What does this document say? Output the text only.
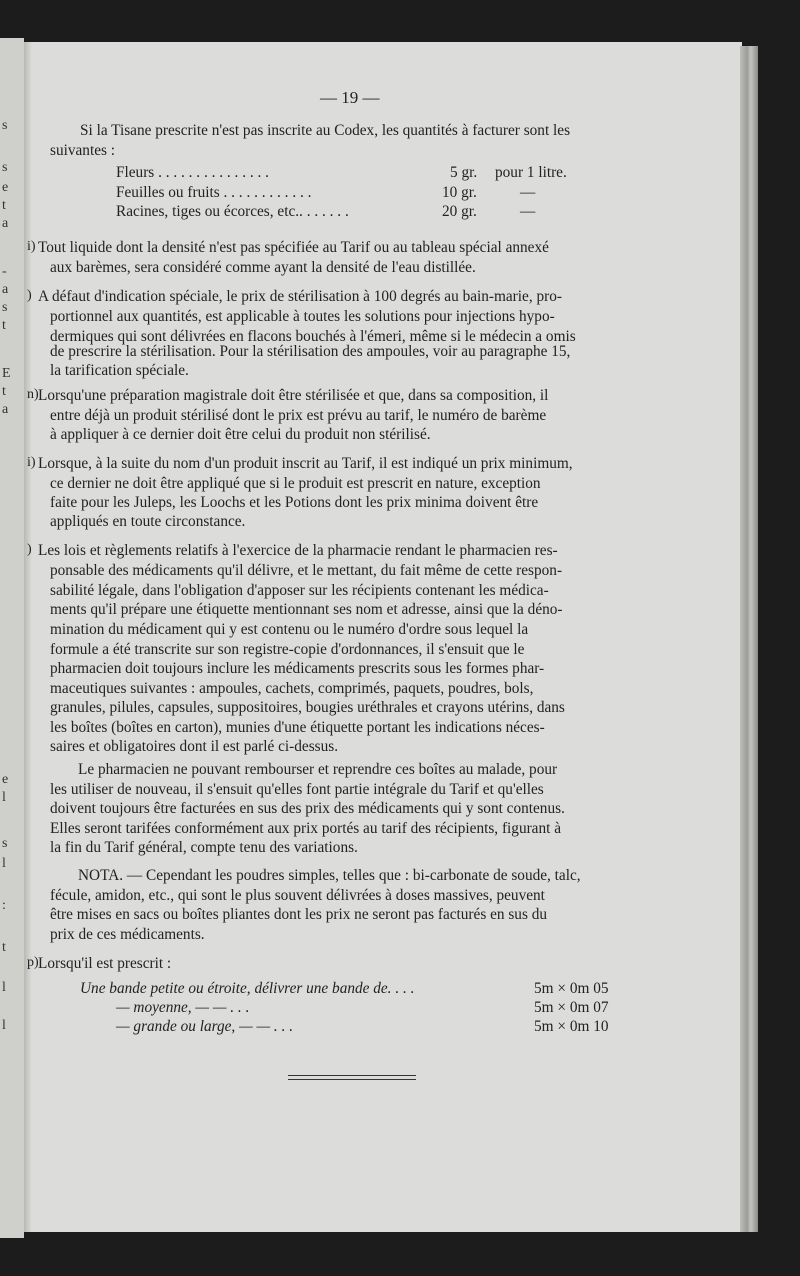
s
s
e
t
a
-
a
s
t
E
t
a
e
l
s
l
:
t
l
l
— 19 —
Si la Tisane prescrite n'est pas inscrite au Codex, les quantités à facturer sont les
suivantes :
Fleurs . . . . . . . . . . . . . . .	5 gr. pour 1 litre.
Feuilles ou fruits . . . . . . . . . . . .	10 gr.	—
Racines, tiges ou écorces, etc.. . . . . . .	20 gr.	—
i) Tout liquide dont la densité n'est pas spécifiée au Tarif ou au tableau spécial annexé
aux barèmes, sera considéré comme ayant la densité de l'eau distillée.
) A défaut d'indication spéciale, le prix de stérilisation à 100 degrés au bain-marie, pro-
portionnel aux quantités, est applicable à toutes les solutions pour injections hypo-
dermiques qui sont délivrées en flacons bouchés à l'émeri, même si le médecin a omis
de prescrire la stérilisation. Pour la stérilisation des ampoules, voir au paragraphe 15,
la tarification spéciale.
n) Lorsqu'une préparation magistrale doit être stérilisée et que, dans sa composition, il
entre déjà un produit stérilisé dont le prix est prévu au tarif, le numéro de barème
à appliquer à ce dernier doit être celui du produit non stérilisé.
i) Lorsque, à la suite du nom d'un produit inscrit au Tarif, il est indiqué un prix minimum,
ce dernier ne doit être appliqué que si le produit est prescrit en nature, exception
faite pour les Juleps, les Loochs et les Potions dont les prix minima doivent être
appliqués en toute circonstance.
) Les lois et règlements relatifs à l'exercice de la pharmacie rendant le pharmacien res-
ponsable des médicaments qu'il délivre, et le mettant, du fait même de cette respon-
sabilité légale, dans l'obligation d'apposer sur les récipients contenant les médica-
ments qu'il prépare une étiquette mentionnant ses nom et adresse, ainsi que la déno-
mination du médicament qui y est contenu ou le numéro d'ordre sous lequel la
formule a été transcrite sur son registre-copie d'ordonnances, il s'ensuit que le
pharmacien doit toujours inclure les médicaments prescrits sous les formes phar-
maceutiques suivantes : ampoules, cachets, comprimés, paquets, poudres, bols,
granules, pilules, capsules, suppositoires, bougies uréthrales et crayons utérins, dans
les boîtes (boîtes en carton), munies d'une étiquette portant les indications néces-
saires et obligatoires dont il est parlé ci-dessus.
Le pharmacien ne pouvant rembourser et reprendre ces boîtes au malade, pour
les utiliser de nouveau, il s'ensuit qu'elles font partie intégrale du Tarif et qu'elles
doivent toujours être facturées en sus des prix des médicaments qui y sont contenus.
Elles seront tarifées conformément aux prix portés au tarif des récipients, figurant à
la fin du Tarif général, compte tenu des variations.
NOTA. — Cependant les poudres simples, telles que : bi-carbonate de soude, talc,
fécule, amidon, etc., qui sont le plus souvent délivrées à doses massives, peuvent
être mises en sacs ou boîtes pliantes dont les prix ne seront pas facturés en sus du
prix de ces médicaments.
p) Lorsqu'il est prescrit :
Une bande petite ou étroite, délivrer une bande de. . . .	5m × 0m 05
— moyenne, — — . . .	5m × 0m 07
— grande ou large, — — . . .	5m × 0m 10
